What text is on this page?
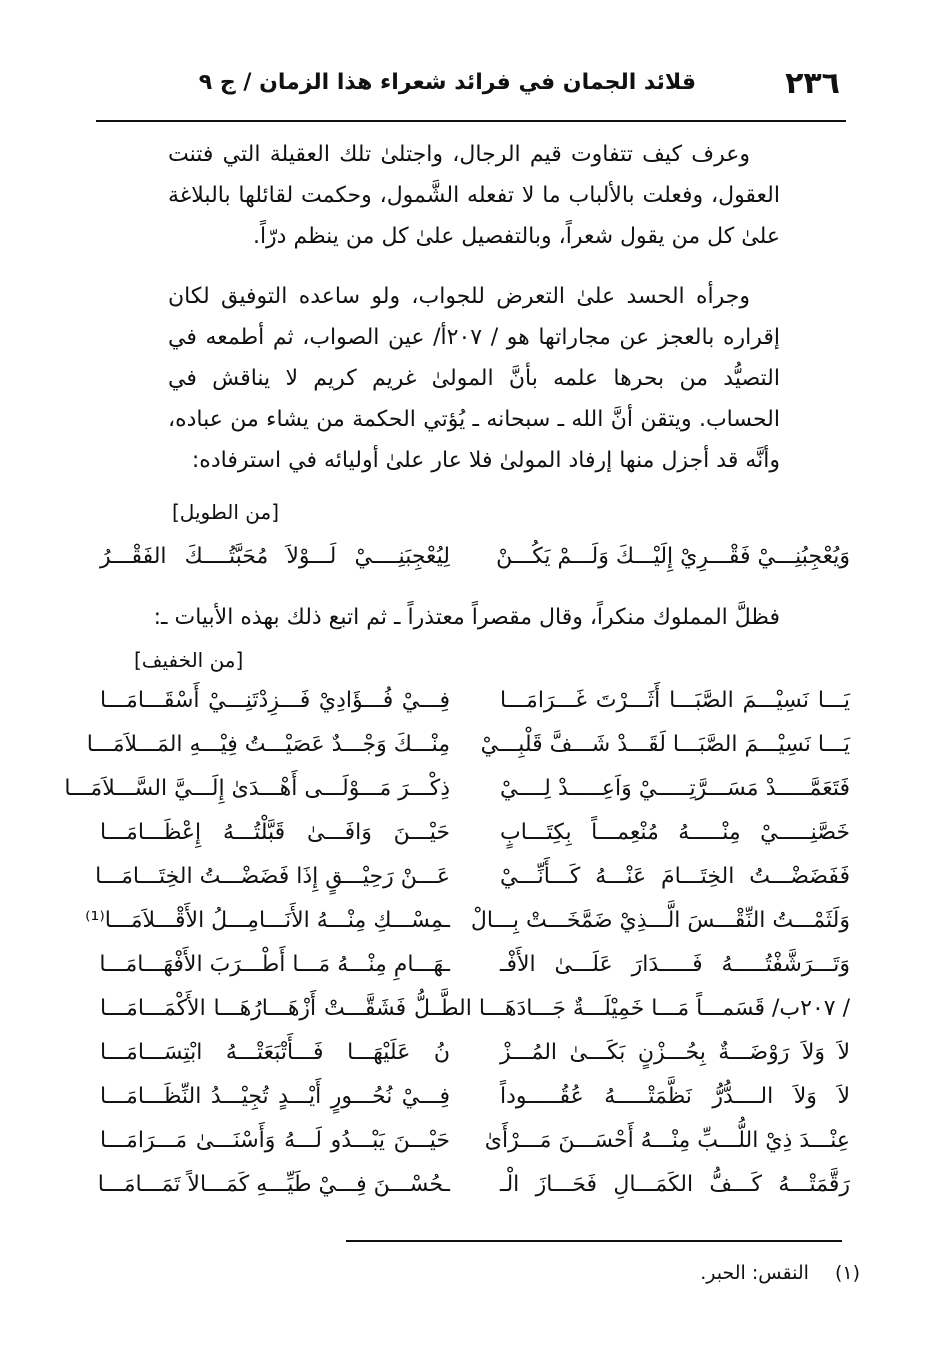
٢٣٦
قلائد الجمان في فرائد شعراء هذا الزمان / ج ٩

وعرف كيف تتفاوت قيم الرجال، واجتلىٰ تلك العقيلة التي فتنت العقول، وفعلت بالألباب ما لا تفعله الشَّمول، وحكمت لقائلها بالبلاغة علىٰ كل من يقول شعراً، وبالتفصيل علىٰ كل من ينظم درّاً.

وجرأه الحسد علىٰ التعرض للجواب، ولو ساعده التوفيق لكان إقراره بالعجز عن مجاراتها هو / ٢٠٧أ/ عين الصواب، ثم أطمعه في التصيُّد من بحرها علمه بأنَّ المولىٰ غريم كريم لا يناقش في الحساب. ويتقن أنَّ الله ـ سبحانه ـ يُؤتي الحكمة من يشاء من عباده، وأنَّه قد أجزل منها إرفاد المولىٰ فلا عار علىٰ أوليائه في استرفاده:

[من الطويل]
وَيُعْجِبُنِـــيْ فَقْـــرِيْ إِلَيْـــكَ وَلَـــمْ يَكُـــنْ
لِيُعْجِبَنِــــيْ لَـــوْلاَ مُحَبَّتُــــكَ الفَقْـــرُ
فظلَّ المملوك منكراً، وقال مقصراً معتذراً ـ ثم اتبع ذلك بهذه الأبيات ـ:
[من الخفيف]
يَـــا نَسِيْـــمَ الصَّبَـــا أَثَـــرْتَ غَـــرَامَـــا
فِـــيْ فُـــؤَادِيْ فَـــزِدْتَنِـــيْ أَسْقَـــامَـــا
يَـــا نَسِيْـــمَ الصَّبَـــا لَقَـــدْ شَـــفَّ قَلْبِـــيْ
مِنْـــكَ وَجْـــدٌ عَصَيْـــتُ فِيْـــهِ المَـــلاَمَـــا
فَتَعَمَّـــــدْ مَسَـــرَّتِـــــيْ وَاَعِـــــدْ لِــــيْ
ذِكْـــرَ مَـــوْلَـــى أَهْـــدَىٰ إِلَـــيَّ السَّـــلاَمَـــا
خَصَّنِـــــيْ مِنْـــــهُ مُنْعِمـــاً بِكِتَـــابٍ
حَيْـــنَ وَافَـــىٰ قَبَّلْتُـــهُ إِعْظَـــامَـــا
فَفَضَضْـــتُ الخِتَـــامَ عَنْـــهُ كَـــأَنِّـــيْ
عَـــنْ رَحِيْـــقٍ إِذَا فَضَضْـــتُ الخِتَـــامَـــا
وَلَثَمْـــتُ النِّقْـــسَ الَّـــذِيْ ضَمَّخَـــتْ بِـــالْ
ـمِسْـــكِ مِنْـــهُ الأَنَـــامِـــلُ الأَقْـــلاَمَـــا⁽¹⁾
وَتَـــرَشَّفْتُـــــهُ فَـــــدَارَ عَلَـــىٰ الأَفْـ
ـهَـــامِ مِنْـــهُ مَـــا أَطْـــرَبَ الأَفْهَـــامَـــا
/ ٢٠٧ب/ قَسَمـــاً مَـــا خَمِيْلَـــةٌ جَـــادَهَـــا الطَّـ
ـــلُّ فَشَقَّـــتْ أَزْهَـــارُهَـــا الأَكْمَـــامَـــا
لاَ وَلاَ رَوْضَـــةٌ بِحُـــزْنٍ بَكَـــىٰ المُـــزْ
نُ عَلَيْهَـــا فَـــأَتْبَعَتْـــهُ ابْتِسَـــامَـــا
لاَ وَلاَ الــــدُّرُّ نَظَّمَتْـــــهُ عُقُـــــوداً
فِـــيْ نُحُـــورٍ أَيْـــدٍ تُجِيْـــدُ النِّظَـــامَـــا
عِنْـــدَ ذِيْ اللُّـــبِّ مِنْـــهُ أَحْسَـــنَ مَـــرْأَىٰ
حَيْـــنَ يَبْـــدُو لَـــهُ وَأَسْنَـــىٰ مَـــرَامَـــا
رَقَّمَتْـــهُ كَـــفُّ الكَمَـــالِ فَحَـــازَ الْـ
ـحُسْـــنَ فِـــيْ طَيِّـــهِ كَمَـــالاً تَمَـــامَـــا
(١) النقس: الحبر.
